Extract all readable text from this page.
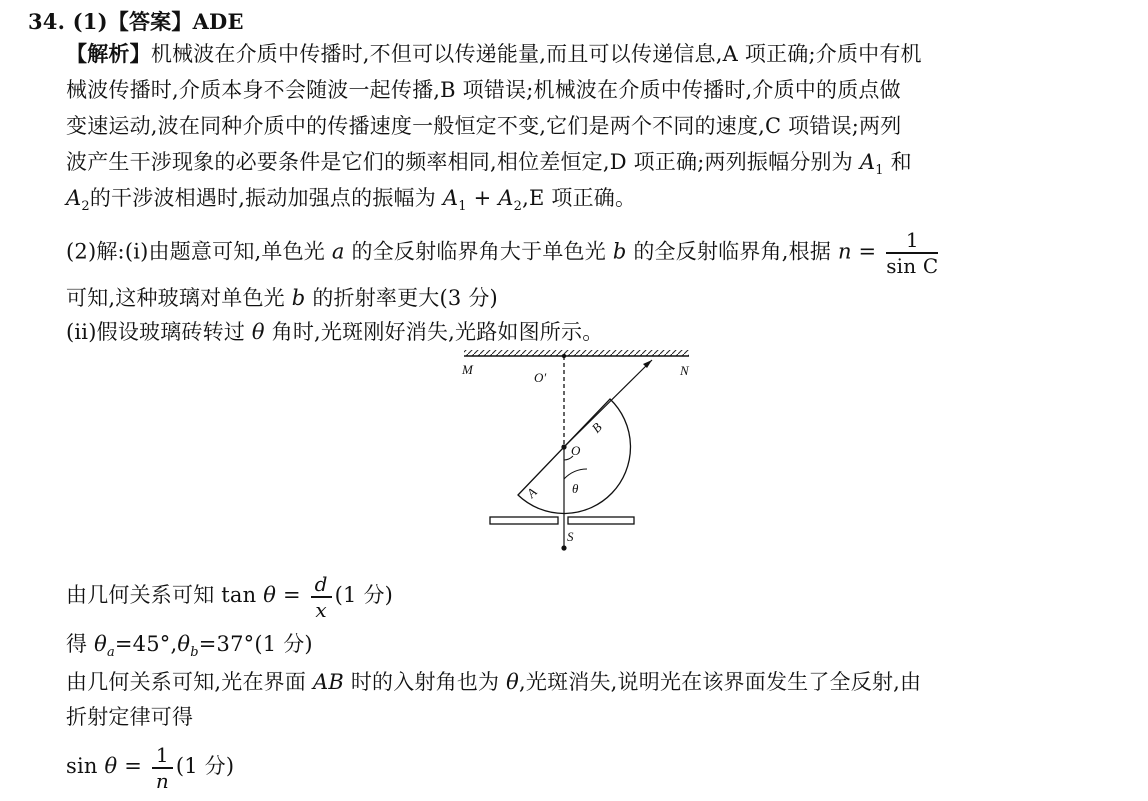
34. (1)【答案】ADE
【解析】机械波在介质中传播时,不但可以传递能量,而且可以传递信息,A 项正确;介质中有机
械波传播时,介质本身不会随波一起传播,B 项错误;机械波在介质中传播时,介质中的质点做
变速运动,波在同种介质中的传播速度一般恒定不变,它们是两个不同的速度,C 项错误;两列
波产生干涉现象的必要条件是它们的频率相同,相位差恒定,D 项正确;两列振幅分别为 $A_1$ 和
$A_2$的干涉波相遇时,振动加强点的振幅为 $A_1 + A_2,E$ 项正确。
(2)解:(i)由题意可知,单色光 a 的全反射临界角大于单色光 b 的全反射临界角,根据 $n = \frac{1}{\text{sin C}}$
可知,这种玻璃对单色光 b 的折射率更大(3 分)
(ii)假设玻璃砖转过 θ 角时,光斑刚好消失,光路如图所示。
M	N
O′
O
B
A θ
S
由几何关系可知 $\tan \theta = \frac{d}{x} (1$ 分)
得 $\theta_a=45^\circ,\theta_b=37^\circ(1$ 分)
由几何关系可知,光在界面 AB 时的入射角也为 θ,光斑消失,说明光在该界面发生了全反射,由
折射定律可得
$\sin \theta = \frac{1}{n} (1$ 分)
